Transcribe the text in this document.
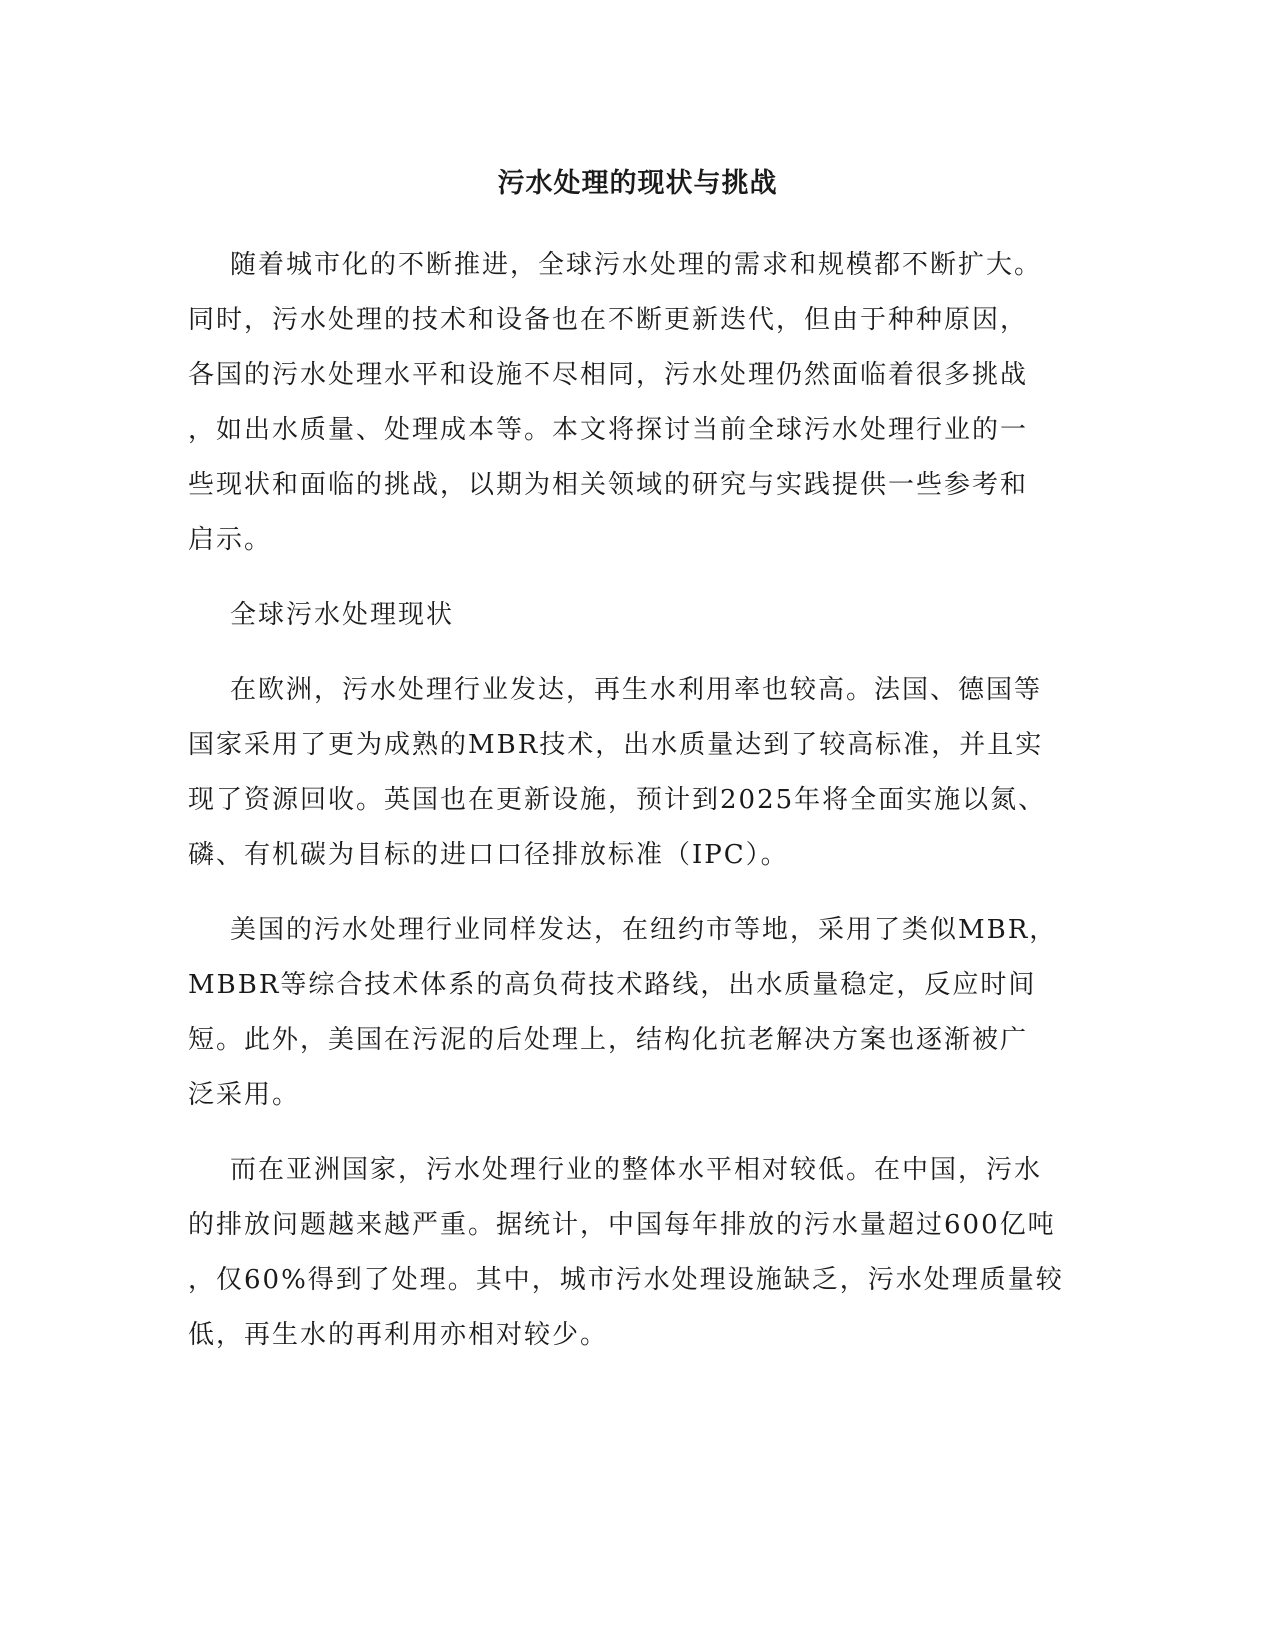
污水处理的现状与挑战
随着城市化的不断推进，全球污水处理的需求和规模都不断扩大。
同时，污水处理的技术和设备也在不断更新迭代，但由于种种原因，
各国的污水处理水平和设施不尽相同，污水处理仍然面临着很多挑战
，如出水质量、处理成本等。本文将探讨当前全球污水处理行业的一
些现状和面临的挑战，以期为相关领域的研究与实践提供一些参考和
启示。
全球污水处理现状
在欧洲，污水处理行业发达，再生水利用率也较高。法国、德国等
国家采用了更为成熟的MBR技术，出水质量达到了较高标准，并且实
现了资源回收。英国也在更新设施，预计到2025年将全面实施以氮、
磷、有机碳为目标的进口口径排放标准（IPC）。
美国的污水处理行业同样发达，在纽约市等地，采用了类似MBR，
MBBR等综合技术体系的高负荷技术路线，出水质量稳定，反应时间
短。此外，美国在污泥的后处理上，结构化抗老解决方案也逐渐被广
泛采用。
而在亚洲国家，污水处理行业的整体水平相对较低。在中国，污水
的排放问题越来越严重。据统计，中国每年排放的污水量超过600亿吨
，仅60%得到了处理。其中，城市污水处理设施缺乏，污水处理质量较
低，再生水的再利用亦相对较少。
